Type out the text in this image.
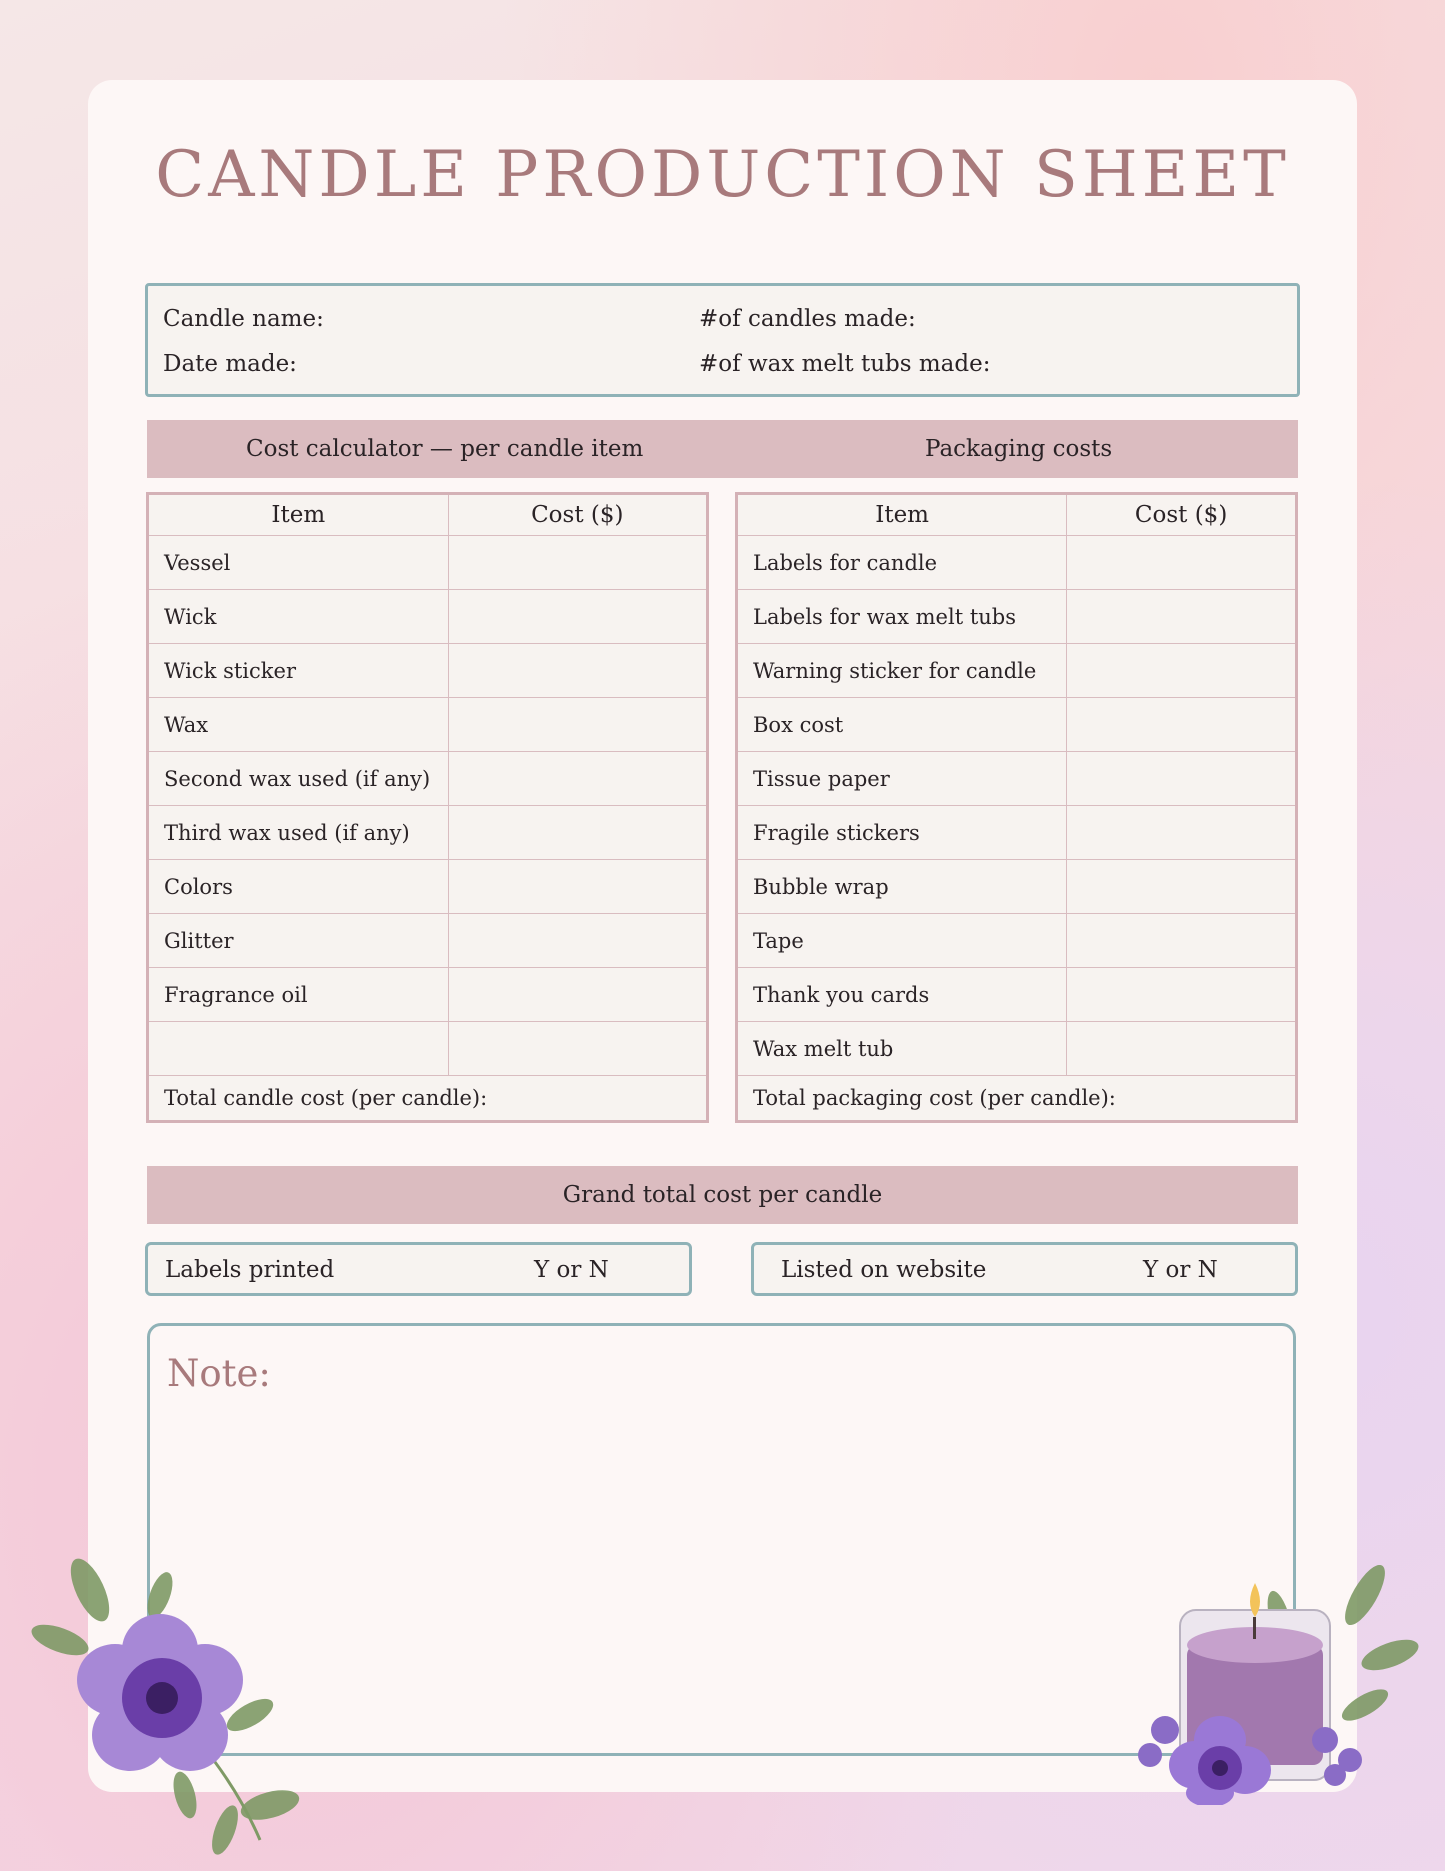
CANDLE PRODUCTION SHEET
Candle name:	#of candles made:
Date made:	#of wax melt tubs made:
Cost calculator — per candle item	Packaging costs
Item	Cost ($)
Vessel	
Wick	
Wick sticker	
Wax	
Second wax used (if any)	
Third wax used (if any)	
Colors	
Glitter	
Fragrance oil	

Total candle cost (per candle):	
Item	Cost ($)
Labels for candle	
Labels for wax melt tubs	
Warning sticker for candle	
Box cost	
Tissue paper	
Fragile stickers	
Bubble wrap	
Tape	
Thank you cards	
Wax melt tub	
Total packaging cost (per candle):	
Grand total cost per candle
Labels printed	Y or N	Listed on website	Y or N
Note:
